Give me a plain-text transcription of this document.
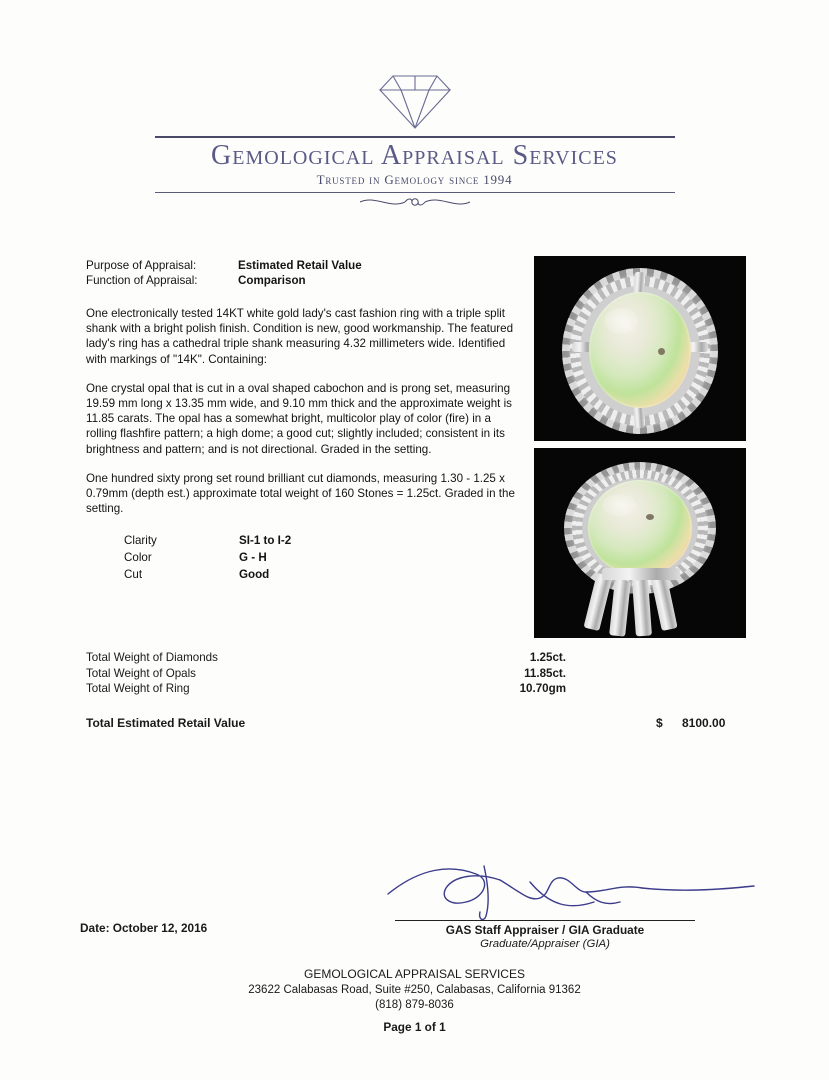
Gemological Appraisal Services
Trusted in Gemology since 1994
Purpose of Appraisal:	Estimated Retail Value
Function of Appraisal:	Comparison
One electronically tested 14KT white gold lady's cast fashion ring with a triple split shank with a bright polish finish. Condition is new, good workmanship. The featured lady's ring has a cathedral triple shank measuring 4.32 millimeters wide. Identified with markings of "14K". Containing:
One crystal opal that is cut in a oval shaped cabochon and is prong set, measuring 19.59 mm long x 13.35 mm wide, and 9.10 mm thick and the approximate weight is 11.85 carats. The opal has a somewhat bright, multicolor play of color (fire) in a rolling flashfire pattern; a high dome; a good cut; slightly included; consistent in its brightness and pattern; and is not directional. Graded in the setting.
One hundred sixty prong set round brilliant cut diamonds, measuring 1.30 - 1.25 x 0.79mm (depth est.) approximate total weight of 160 Stones = 1.25ct. Graded in the setting.
Clarity	SI-1 to I-2
Color	G - H
Cut	Good
Total Weight of Diamonds	1.25ct.
Total Weight of Opals	11.85ct.
Total Weight of Ring	10.70gm
Total Estimated Retail Value	$	8100.00
GAS Staff Appraiser / GIA Graduate
Graduate/Appraiser (GIA)
Date: October 12, 2016
GEMOLOGICAL APPRAISAL SERVICES
23622 Calabasas Road, Suite #250, Calabasas, California 91362
(818) 879-8036
Page 1 of 1
